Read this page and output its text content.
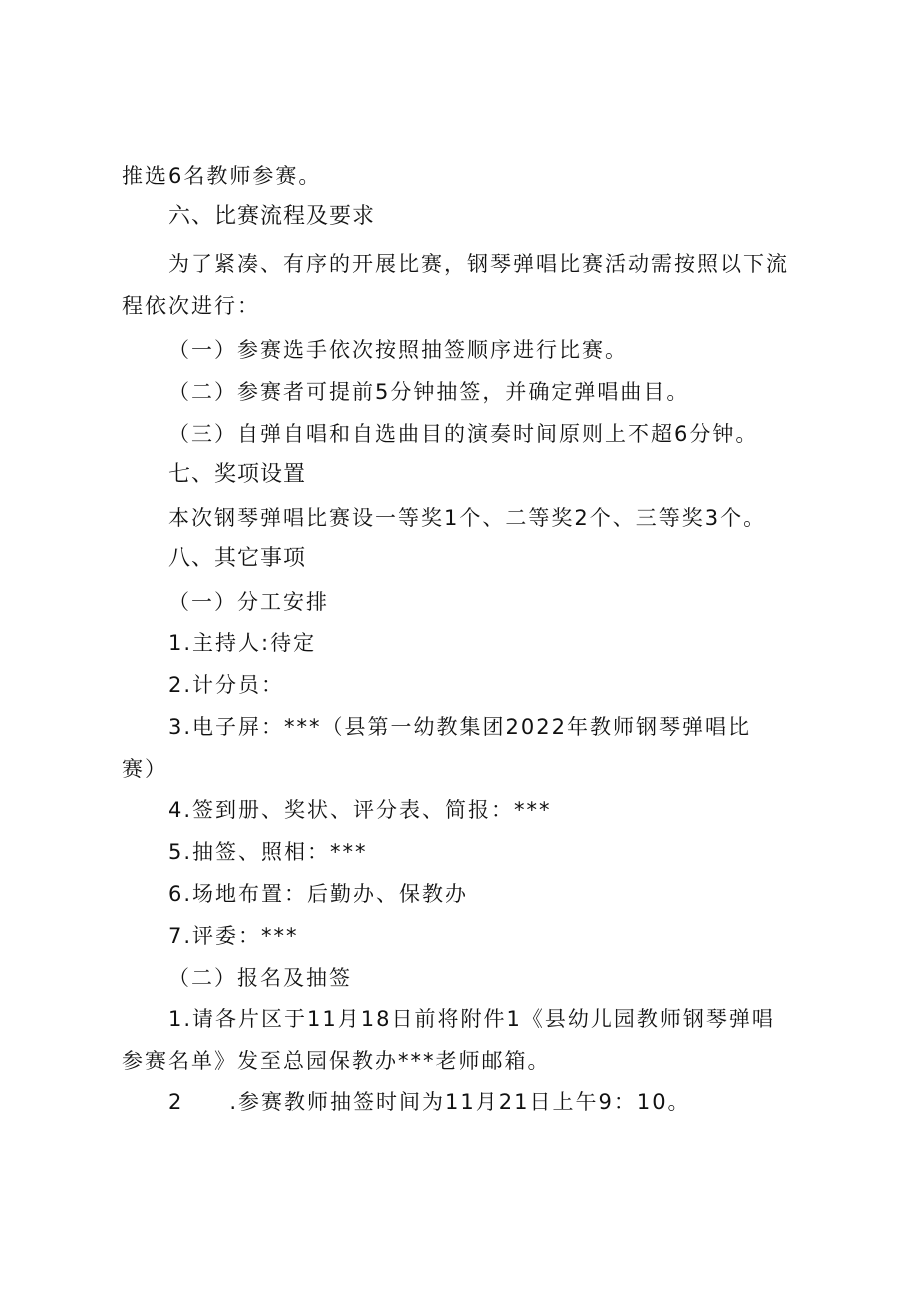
推选6名教师参赛。
六、比赛流程及要求
为了紧凑、有序的开展比赛，钢琴弹唱比赛活动需按照以下流
程依次进行：
（一）参赛选手依次按照抽签顺序进行比赛。
（二）参赛者可提前5分钟抽签，并确定弹唱曲目。
（三）自弹自唱和自选曲目的演奏时间原则上不超6分钟。
七、奖项设置
本次钢琴弹唱比赛设一等奖1个、二等奖2个、三等奖3个。
八、其它事项
（一）分工安排
1.主持人:待定
2.计分员：
3.电子屏：***（县第一幼教集团2022年教师钢琴弹唱比
赛）
4.签到册、奖状、评分表、简报：***
5.抽签、照相：***
6.场地布置：后勤办、保教办
7.评委：***
（二）报名及抽签
1.请各片区于11月18日前将附件1《县幼儿园教师钢琴弹唱
参赛名单》发至总园保教办***老师邮箱。
2　　.参赛教师抽签时间为11月21日上午9：10。
